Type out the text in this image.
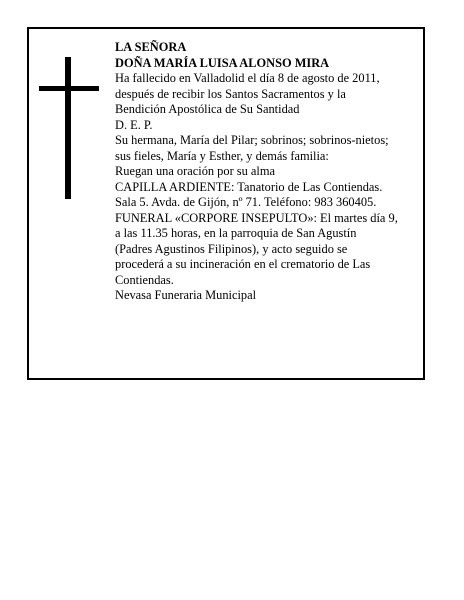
LA SEÑORA

DOÑA MARÍA LUISA ALONSO MIRA

Ha fallecido en Valladolid el día 8 de agosto de 2011,

después de recibir los Santos Sacramentos y la

Bendición Apostólica de Su Santidad

D. E. P.

Su hermana, María del Pilar; sobrinos; sobrinos-nietos;

sus fieles, María y Esther, y demás familia:

Ruegan una oración por su alma

CAPILLA ARDIENTE: Tanatorio de Las Contiendas.

Sala 5. Avda. de Gijón, nº 71. Teléfono: 983 360405.

FUNERAL «CORPORE INSEPULTO»: El martes día 9,

a las 11.35 horas, en la parroquia de San Agustín

(Padres Agustinos Filipinos), y acto seguido se

procederá a su incineración en el crematorio de Las

Contiendas.

Nevasa Funeraria Municipal
